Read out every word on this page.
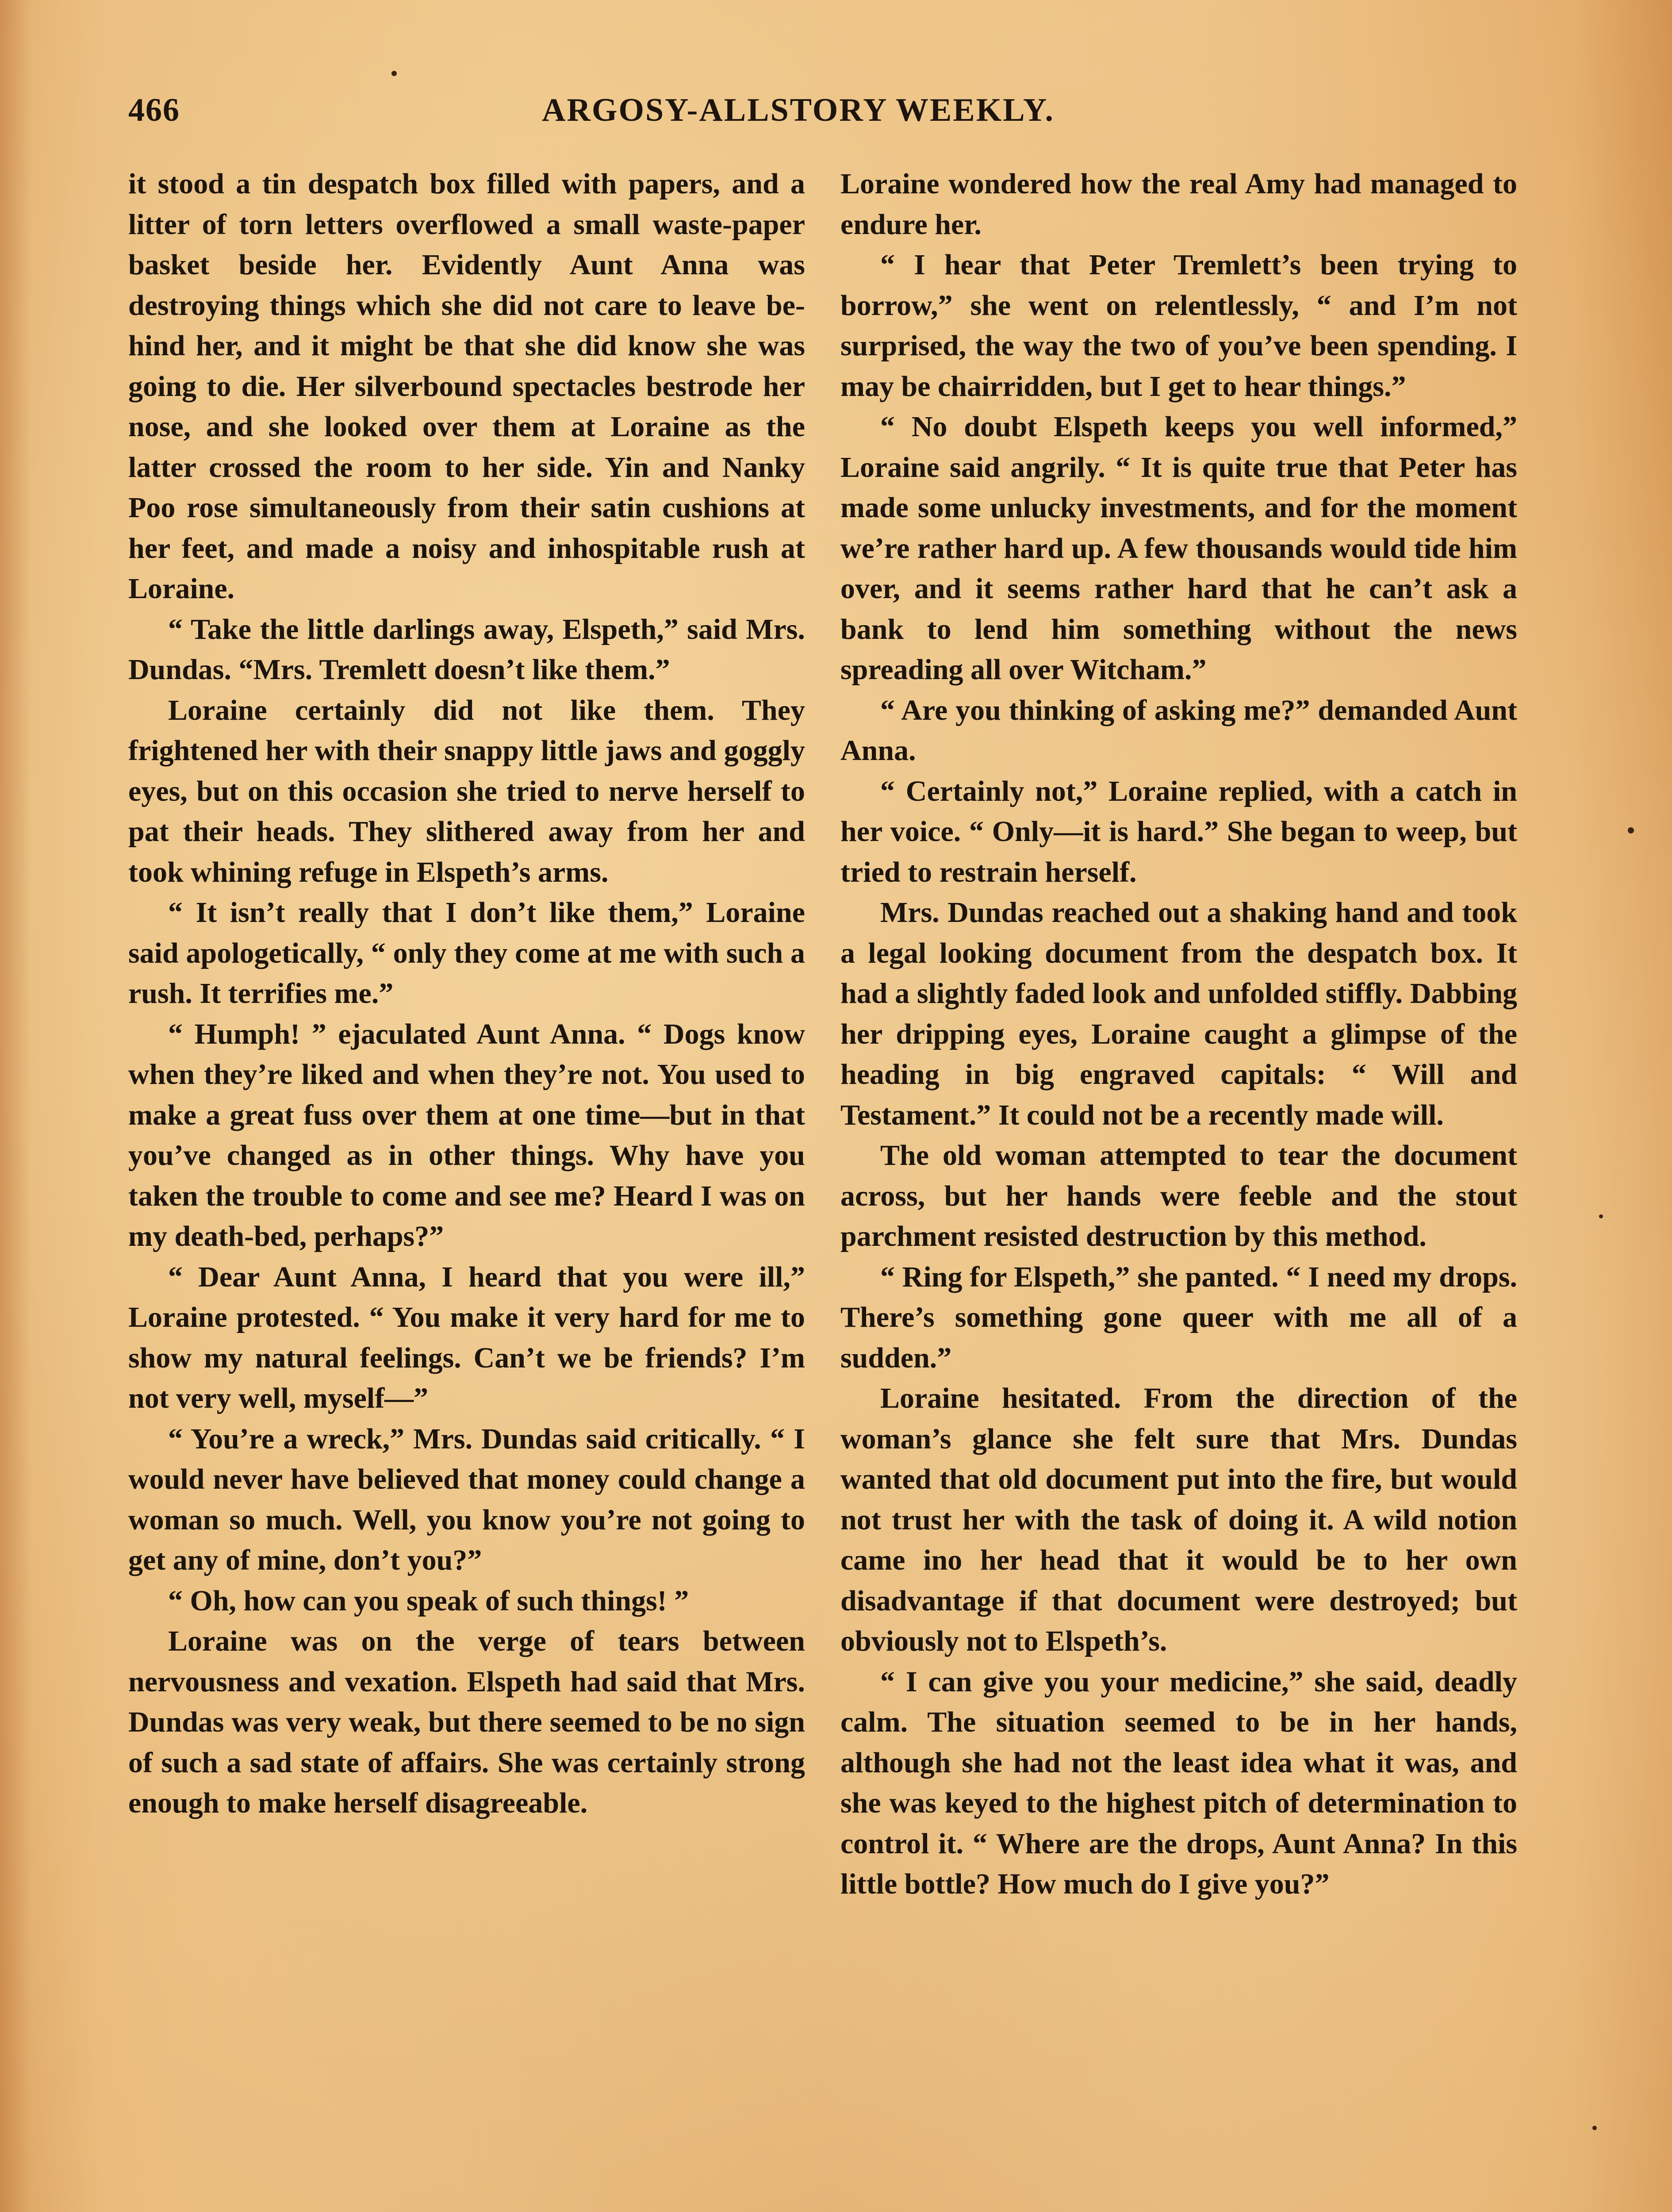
466	ARGOSY-ALLSTORY WEEKLY.

it stood a tin despatch box filled with papers, and a litter of torn letters overflowed a small waste-paper basket beside her. Evidently Aunt Anna was destroying things which she did not care to leave behind her, and it might be that she did know she was going to die. Her silverbound spectacles bestrode her nose, and she looked over them at Loraine as the latter crossed the room to her side. Yin and Nanky Poo rose simultaneously from their satin cushions at her feet, and made a noisy and inhospitable rush at Loraine.

“ Take the little darlings away, Elspeth,” said Mrs. Dundas. “Mrs. Tremlett doesn’t like them.”

Loraine certainly did not like them. They frightened her with their snappy little jaws and goggly eyes, but on this occasion she tried to nerve herself to pat their heads. They slithered away from her and took whining refuge in Elspeth’s arms.

“ It isn’t really that I don’t like them,” Loraine said apologetically, “ only they come at me with such a rush. It terrifies me.”

“ Humph! ” ejaculated Aunt Anna. “ Dogs know when they’re liked and when they’re not. You used to make a great fuss over them at one time—but in that you’ve changed as in other things. Why have you taken the trouble to come and see me? Heard I was on my death-bed, perhaps?”

“ Dear Aunt Anna, I heard that you were ill,” Loraine protested. “ You make it very hard for me to show my natural feelings. Can’t we be friends? I’m not very well, myself—”

“ You’re a wreck,” Mrs. Dundas said critically. “ I would never have believed that money could change a woman so much. Well, you know you’re not going to get any of mine, don’t you?”

“ Oh, how can you speak of such things! ”

Loraine was on the verge of tears between nervousness and vexation. Elspeth had said that Mrs. Dundas was very weak, but there seemed to be no sign of such a sad state of affairs. She was certainly strong enough to make herself disagreeable.

Loraine wondered how the real Amy had managed to endure her.

“ I hear that Peter Tremlett’s been trying to borrow,” she went on relentlessly, “ and I’m not surprised, the way the two of you’ve been spending. I may be chairridden, but I get to hear things.”

“ No doubt Elspeth keeps you well informed,” Loraine said angrily. “ It is quite true that Peter has made some unlucky investments, and for the moment we’re rather hard up. A few thousands would tide him over, and it seems rather hard that he can’t ask a bank to lend him something without the news spreading all over Witcham.”

“ Are you thinking of asking me?” demanded Aunt Anna.

“ Certainly not,” Loraine replied, with a catch in her voice. “ Only—it is hard.” She began to weep, but tried to restrain herself.

Mrs. Dundas reached out a shaking hand and took a legal looking document from the despatch box. It had a slightly faded look and unfolded stiffly. Dabbing her dripping eyes, Loraine caught a glimpse of the heading in big engraved capitals: “ Will and Testament.” It could not be a recently made will.

The old woman attempted to tear the document across, but her hands were feeble and the stout parchment resisted destruction by this method.

“ Ring for Elspeth,” she panted. “ I need my drops. There’s something gone queer with me all of a sudden.”

Loraine hesitated. From the direction of the woman’s glance she felt sure that Mrs. Dundas wanted that old document put into the fire, but would not trust her with the task of doing it. A wild notion came ino her head that it would be to her own disadvantage if that document were destroyed; but obviously not to Elspeth’s.

“ I can give you your medicine,” she said, deadly calm. The situation seemed to be in her hands, although she had not the least idea what it was, and she was keyed to the highest pitch of determination to control it. “ Where are the drops, Aunt Anna? In this little bottle? How much do I give you?”
